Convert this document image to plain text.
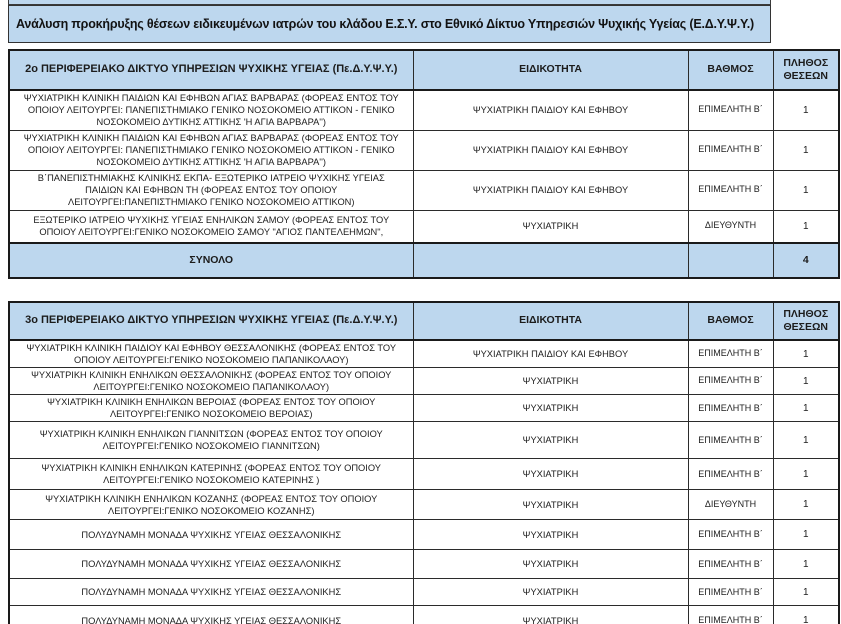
Ανάλυση προκήρυξης θέσεων ειδικευμένων ιατρών του κλάδου Ε.Σ.Υ. στο Εθνικό Δίκτυο Υπηρεσιών Ψυχικής Υγείας (Ε.Δ.Υ.Ψ.Υ.)
2ο ΠΕΡΙΦΕΡΕΙΑΚΟ ΔΙΚΤΥΟ ΥΠΗΡΕΣΙΩΝ ΨΥΧΙΚΗΣ ΥΓΕΙΑΣ (Πε.Δ.Υ.Ψ.Υ.)	ΕΙΔΙΚΟΤΗΤΑ	ΒΑΘΜΟΣ	ΠΛΗΘΟΣ ΘΕΣΕΩΝ
ΨΥΧΙΑΤΡΙΚΗ ΚΛΙΝΙΚΗ ΠΑΙΔΙΩΝ ΚΑΙ ΕΦΗΒΩΝ ΑΓΙΑΣ ΒΑΡΒΑΡΑΣ (ΦΟΡΕΑΣ ΕΝΤΟΣ ΤΟΥ ΟΠΟΙΟΥ ΛΕΙΤΟΥΡΓΕΙ: ΠΑΝΕΠΙΣΤΗΜΙΑΚΟ ΓΕΝΙΚΟ ΝΟΣΟΚΟΜΕΙΟ ΑΤΤΙΚΟΝ - ΓΕΝΙΚΟ ΝΟΣΟΚΟΜΕΙΟ ΔΥΤΙΚΗΣ ΑΤΤΙΚΗΣ 'Η ΑΓΙΑ ΒΑΡΒΑΡΑ'')	ΨΥΧΙΑΤΡΙΚΗ ΠΑΙΔΙΟΥ ΚΑΙ ΕΦΗΒΟΥ	ΕΠΙΜΕΛΗΤΗ Β΄	1
ΨΥΧΙΑΤΡΙΚΗ ΚΛΙΝΙΚΗ ΠΑΙΔΙΩΝ ΚΑΙ ΕΦΗΒΩΝ ΑΓΙΑΣ ΒΑΡΒΑΡΑΣ (ΦΟΡΕΑΣ ΕΝΤΟΣ ΤΟΥ ΟΠΟΙΟΥ ΛΕΙΤΟΥΡΓΕΙ: ΠΑΝΕΠΙΣΤΗΜΙΑΚΟ ΓΕΝΙΚΟ ΝΟΣΟΚΟΜΕΙΟ ΑΤΤΙΚΟΝ - ΓΕΝΙΚΟ ΝΟΣΟΚΟΜΕΙΟ ΔΥΤΙΚΗΣ ΑΤΤΙΚΗΣ 'Η ΑΓΙΑ ΒΑΡΒΑΡΑ'')	ΨΥΧΙΑΤΡΙΚΗ ΠΑΙΔΙΟΥ ΚΑΙ ΕΦΗΒΟΥ	ΕΠΙΜΕΛΗΤΗ Β΄	1
Β΄ΠΑΝΕΠΙΣΤΗΜΙΑΚΗΣ ΚΛΙΝΙΚΗΣ ΕΚΠΑ- ΕΞΩΤΕΡΙΚΟ ΙΑΤΡΕΙΟ ΨΥΧΙΚΗΣ ΥΓΕΙΑΣ ΠΑΙΔΙΩΝ ΚΑΙ ΕΦΗΒΩΝ ΤΗ (ΦΟΡΕΑΣ ΕΝΤΟΣ ΤΟΥ ΟΠΟΙΟΥ ΛΕΙΤΟΥΡΓΕΙ:ΠΑΝΕΠΙΣΤΗΜΙΑΚΟ ΓΕΝΙΚΟ ΝΟΣΟΚΟΜΕΙΟ ΑΤΤΙΚΟΝ)	ΨΥΧΙΑΤΡΙΚΗ ΠΑΙΔΙΟΥ ΚΑΙ ΕΦΗΒΟΥ	ΕΠΙΜΕΛΗΤΗ Β΄	1
ΕΞΩΤΕΡΙΚΟ ΙΑΤΡΕΙΟ ΨΥΧΙΚΗΣ ΥΓΕΙΑΣ ΕΝΗΛΙΚΩΝ ΣΑΜΟΥ (ΦΟΡΕΑΣ ΕΝΤΟΣ ΤΟΥ ΟΠΟΙΟΥ ΛΕΙΤΟΥΡΓΕΙ:ΓΕΝΙΚΟ ΝΟΣΟΚΟΜΕΙΟ ΣΑΜΟΥ "ΑΓΙΟΣ ΠΑΝΤΕΛΕΗΜΩΝ",	ΨΥΧΙΑΤΡΙΚΗ	ΔΙΕΥΘΥΝΤΗ	1
ΣΥΝΟΛΟ			4
3ο ΠΕΡΙΦΕΡΕΙΑΚΟ ΔΙΚΤΥΟ ΥΠΗΡΕΣΙΩΝ ΨΥΧΙΚΗΣ ΥΓΕΙΑΣ (Πε.Δ.Υ.Ψ.Υ.)	ΕΙΔΙΚΟΤΗΤΑ	ΒΑΘΜΟΣ	ΠΛΗΘΟΣ ΘΕΣΕΩΝ
ΨΥΧΙΑΤΡΙΚΗ ΚΛΙΝΙΚΗ ΠΑΙΔΙΟΥ ΚΑΙ ΕΦΗΒΟΥ ΘΕΣΣΑΛΟΝΙΚΗΣ (ΦΟΡΕΑΣ ΕΝΤΟΣ ΤΟΥ ΟΠΟΙΟΥ ΛΕΙΤΟΥΡΓΕΙ:ΓΕΝΙΚΟ ΝΟΣΟΚΟΜΕΙΟ ΠΑΠΑΝΙΚΟΛΑΟΥ)	ΨΥΧΙΑΤΡΙΚΗ ΠΑΙΔΙΟΥ ΚΑΙ ΕΦΗΒΟΥ	ΕΠΙΜΕΛΗΤΗ Β΄	1
ΨΥΧΙΑΤΡΙΚΗ ΚΛΙΝΙΚΗ ΕΝΗΛΙΚΩΝ ΘΕΣΣΑΛΟΝΙΚΗΣ (ΦΟΡΕΑΣ ΕΝΤΟΣ ΤΟΥ ΟΠΟΙΟΥ ΛΕΙΤΟΥΡΓΕΙ:ΓΕΝΙΚΟ ΝΟΣΟΚΟΜΕΙΟ ΠΑΠΑΝΙΚΟΛΑΟΥ)	ΨΥΧΙΑΤΡΙΚΗ	ΕΠΙΜΕΛΗΤΗ Β΄	1
ΨΥΧΙΑΤΡΙΚΗ ΚΛΙΝΙΚΗ ΕΝΗΛΙΚΩΝ ΒΕΡΟΙΑΣ (ΦΟΡΕΑΣ ΕΝΤΟΣ ΤΟΥ ΟΠΟΙΟΥ ΛΕΙΤΟΥΡΓΕΙ:ΓΕΝΙΚΟ ΝΟΣΟΚΟΜΕΙΟ ΒΕΡΟΙΑΣ)	ΨΥΧΙΑΤΡΙΚΗ	ΕΠΙΜΕΛΗΤΗ Β΄	1
ΨΥΧΙΑΤΡΙΚΗ ΚΛΙΝΙΚΗ ΕΝΗΛΙΚΩΝ ΓΙΑΝΝΙΤΣΩΝ (ΦΟΡΕΑΣ ΕΝΤΟΣ ΤΟΥ ΟΠΟΙΟΥ ΛΕΙΤΟΥΡΓΕΙ:ΓΕΝΙΚΟ ΝΟΣΟΚΟΜΕΙΟ ΓΙΑΝΝΙΤΣΩΝ)	ΨΥΧΙΑΤΡΙΚΗ	ΕΠΙΜΕΛΗΤΗ Β΄	1
ΨΥΧΙΑΤΡΙΚΗ ΚΛΙΝΙΚΗ ΕΝΗΛΙΚΩΝ ΚΑΤΕΡΙΝΗΣ (ΦΟΡΕΑΣ ΕΝΤΟΣ ΤΟΥ ΟΠΟΙΟΥ ΛΕΙΤΟΥΡΓΕΙ:ΓΕΝΙΚΟ ΝΟΣΟΚΟΜΕΙΟ ΚΑΤΕΡΙΝΗΣ )	ΨΥΧΙΑΤΡΙΚΗ	ΕΠΙΜΕΛΗΤΗ Β΄	1
ΨΥΧΙΑΤΡΙΚΗ ΚΛΙΝΙΚΗ ΕΝΗΛΙΚΩΝ ΚΟΖΑΝΗΣ (ΦΟΡΕΑΣ ΕΝΤΟΣ ΤΟΥ ΟΠΟΙΟΥ ΛΕΙΤΟΥΡΓΕΙ:ΓΕΝΙΚΟ ΝΟΣΟΚΟΜΕΙΟ ΚΟΖΑΝΗΣ)	ΨΥΧΙΑΤΡΙΚΗ	ΔΙΕΥΘΥΝΤΗ	1
ΠΟΛΥΔΥΝΑΜΗ ΜΟΝΑΔΑ ΨΥΧΙΚΗΣ ΥΓΕΙΑΣ ΘΕΣΣΑΛΟΝΙΚΗΣ	ΨΥΧΙΑΤΡΙΚΗ	ΕΠΙΜΕΛΗΤΗ Β΄	1
ΠΟΛΥΔΥΝΑΜΗ ΜΟΝΑΔΑ ΨΥΧΙΚΗΣ ΥΓΕΙΑΣ ΘΕΣΣΑΛΟΝΙΚΗΣ	ΨΥΧΙΑΤΡΙΚΗ	ΕΠΙΜΕΛΗΤΗ Β΄	1
ΠΟΛΥΔΥΝΑΜΗ ΜΟΝΑΔΑ ΨΥΧΙΚΗΣ ΥΓΕΙΑΣ ΘΕΣΣΑΛΟΝΙΚΗΣ	ΨΥΧΙΑΤΡΙΚΗ	ΕΠΙΜΕΛΗΤΗ Β΄	1
ΠΟΛΥΔΥΝΑΜΗ ΜΟΝΑΔΑ ΨΥΧΙΚΗΣ ΥΓΕΙΑΣ ΘΕΣΣΑΛΟΝΙΚΗΣ	ΨΥΧΙΑΤΡΙΚΗ	ΕΠΙΜΕΛΗΤΗ Β΄	1
